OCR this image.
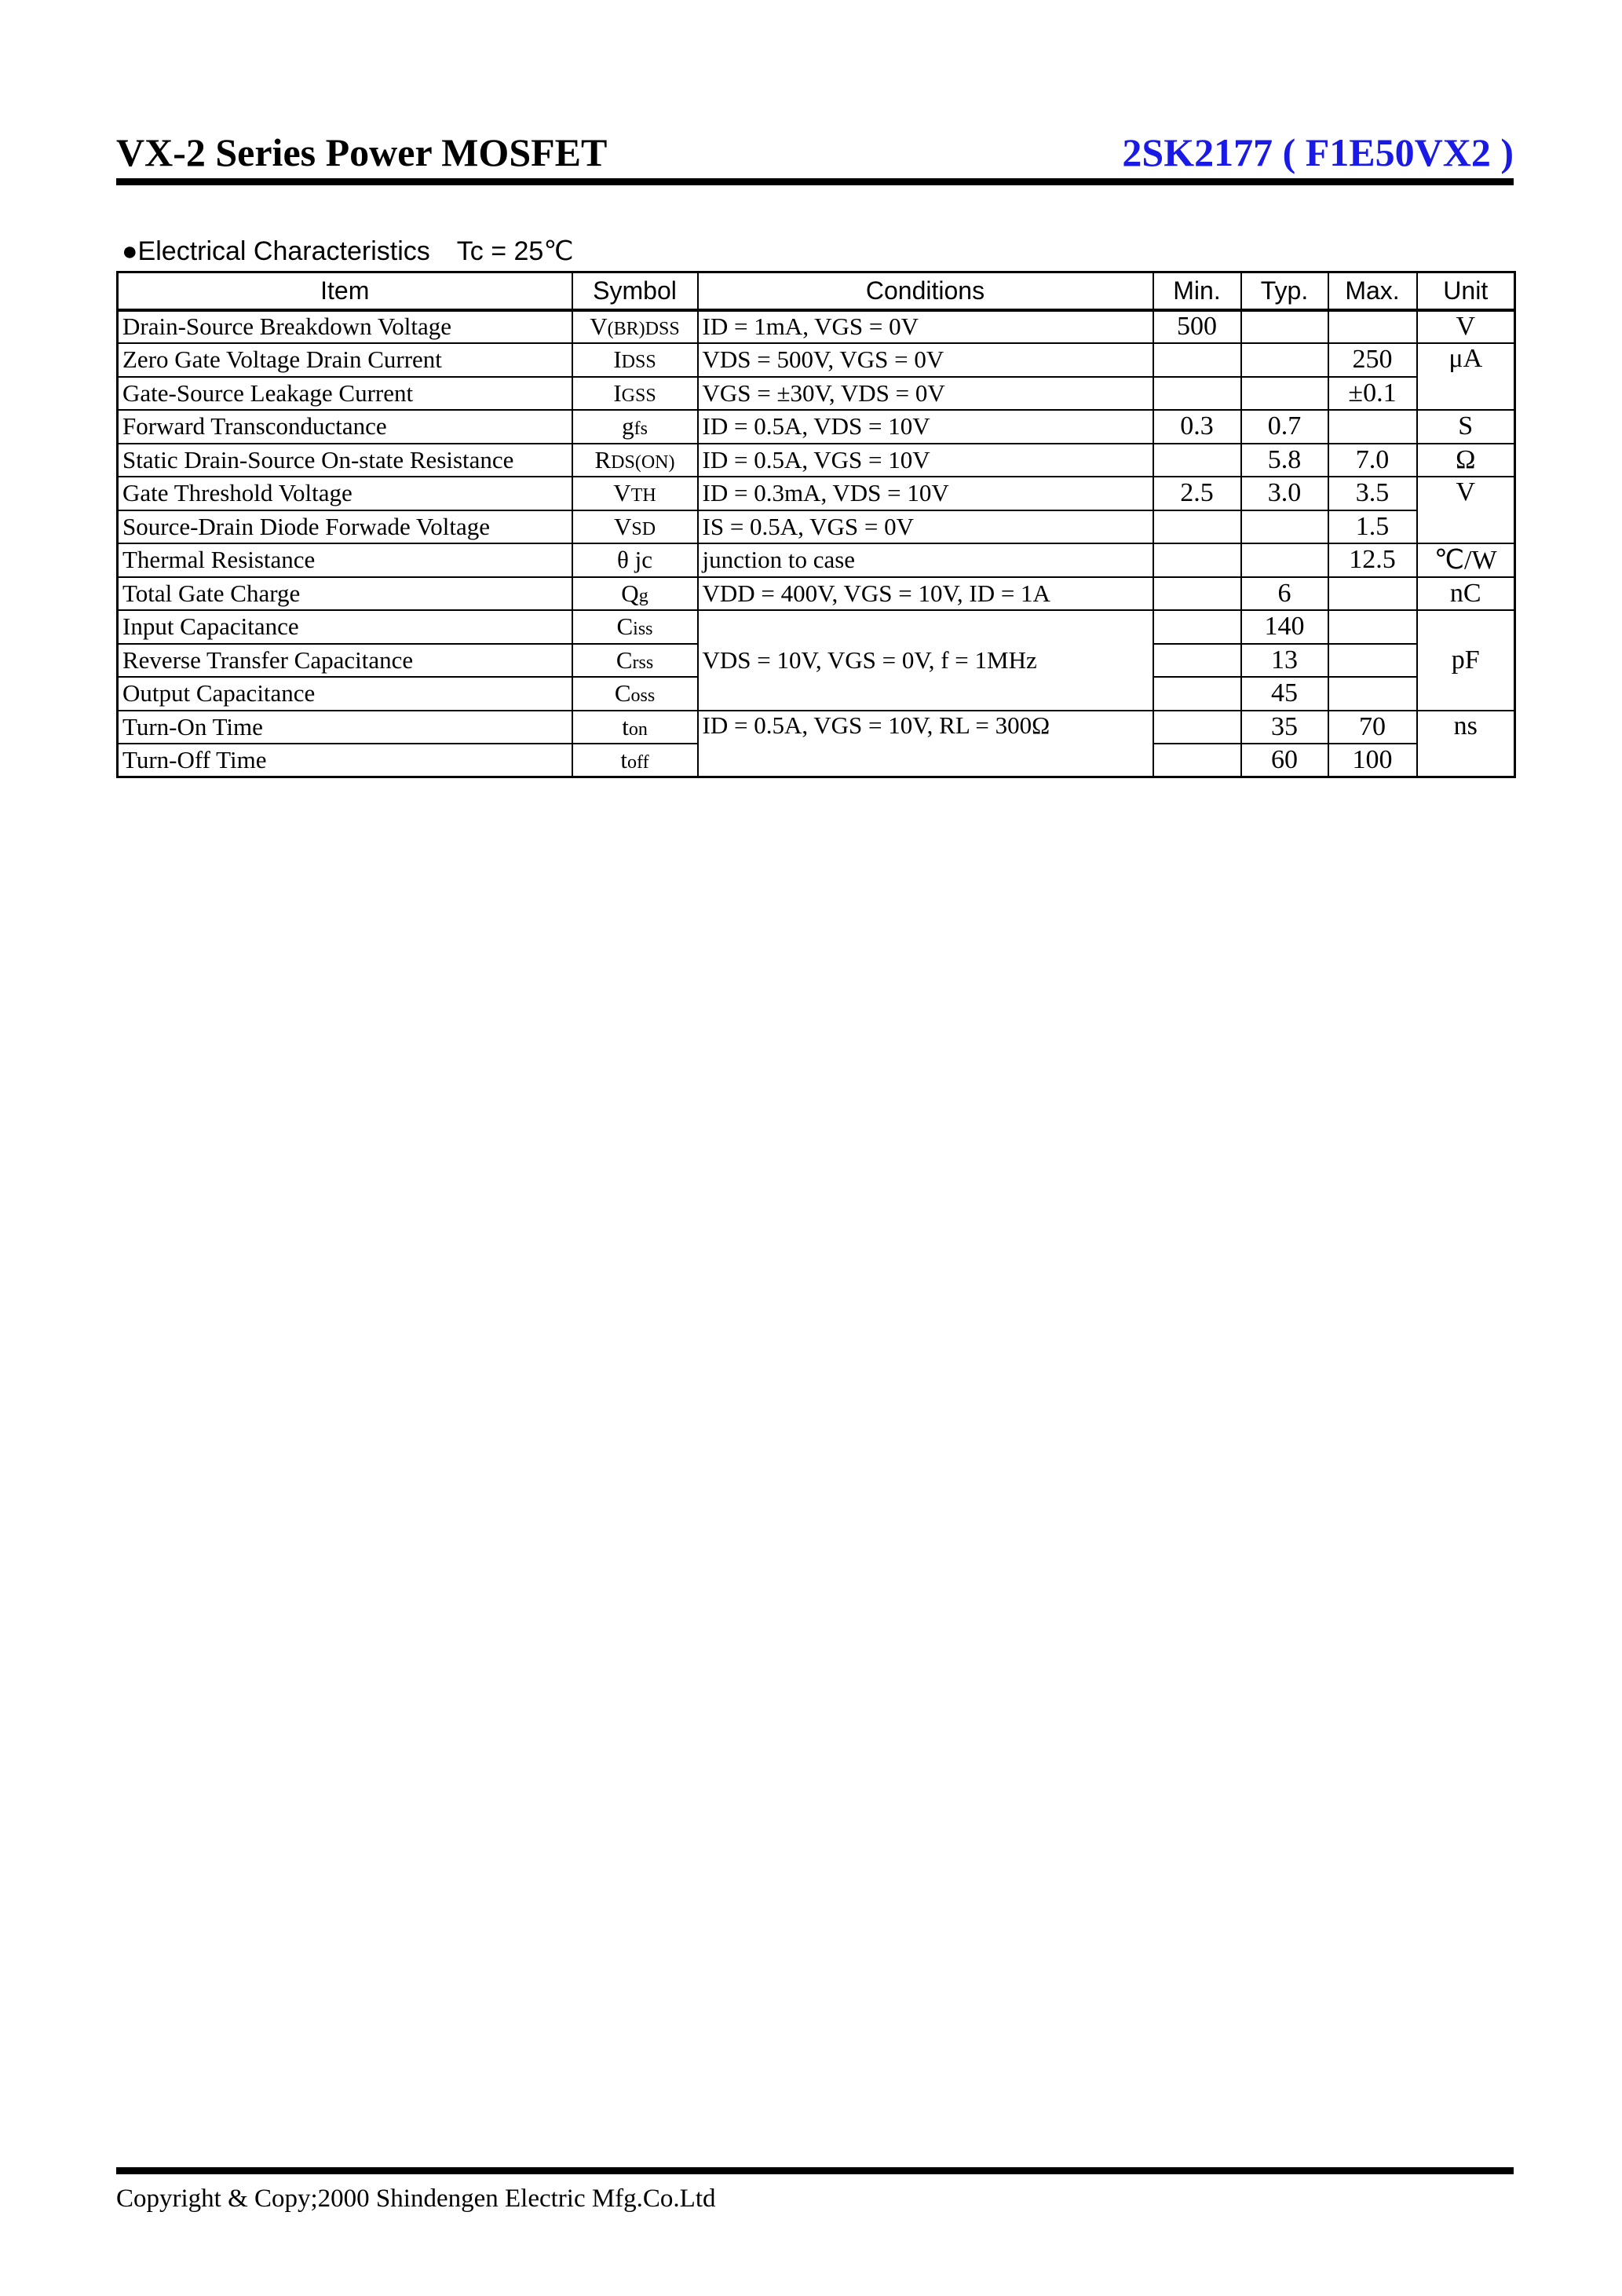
VX-2 Series Power MOSFET	2SK2177 ( F1E50VX2 )
●Electrical Characteristics Tc = 25℃
Item	Symbol	Conditions	Min.	Typ.	Max.	Unit
Drain-Source Breakdown Voltage	V(BR)DSS	ID = 1mA, VGS = 0V	500			V
Zero Gate Voltage Drain Current	IDSS	VDS = 500V, VGS = 0V			250	μA
Gate-Source Leakage Current	IGSS	VGS = ±30V, VDS = 0V			±0.1	
Forward Transconductance	gfs	ID = 0.5A, VDS = 10V	0.3	0.7		S
Static Drain-Source On-state Resistance	RDS(ON)	ID = 0.5A, VGS = 10V		5.8	7.0	Ω
Gate Threshold Voltage	VTH	ID = 0.3mA, VDS = 10V	2.5	3.0	3.5	V
Source-Drain Diode Forwade Voltage	VSD	IS = 0.5A, VGS = 0V			1.5	
Thermal Resistance	θ jc	junction to case			12.5	℃/W
Total Gate Charge	Qg	VDD = 400V, VGS = 10V, ID = 1A		6		nC
Input Capacitance	Ciss	VDS = 10V, VGS = 0V, f = 1MHz		140		pF
Reverse Transfer Capacitance	Crss			13		
Output Capacitance	Coss			45		
Turn-On Time	ton	ID = 0.5A, VGS = 10V, RL = 300Ω		35	70	ns
Turn-Off Time	toff			60	100	
Copyright & Copy;2000 Shindengen Electric Mfg.Co.Ltd
